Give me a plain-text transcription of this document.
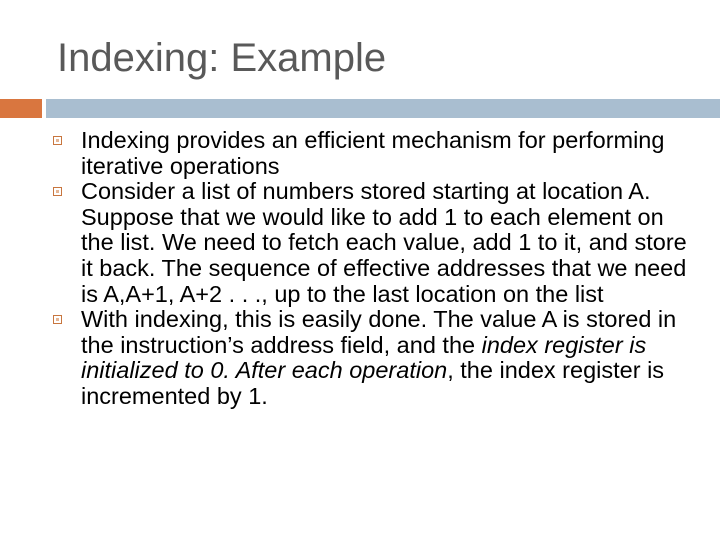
Indexing: Example
Indexing provides an efficient mechanism for performing iterative operations
Consider a list of numbers stored starting at location A. Suppose that we would like to add 1 to each element on the list. We need to fetch each value, add 1 to it, and store it back. The sequence of effective addresses that we need is A,A+1, A+2 . . ., up to the last location on the list
With indexing, this is easily done. The value A is stored in the instruction’s address field, and the index register is initialized to 0. After each operation, the index register is incremented by 1.
